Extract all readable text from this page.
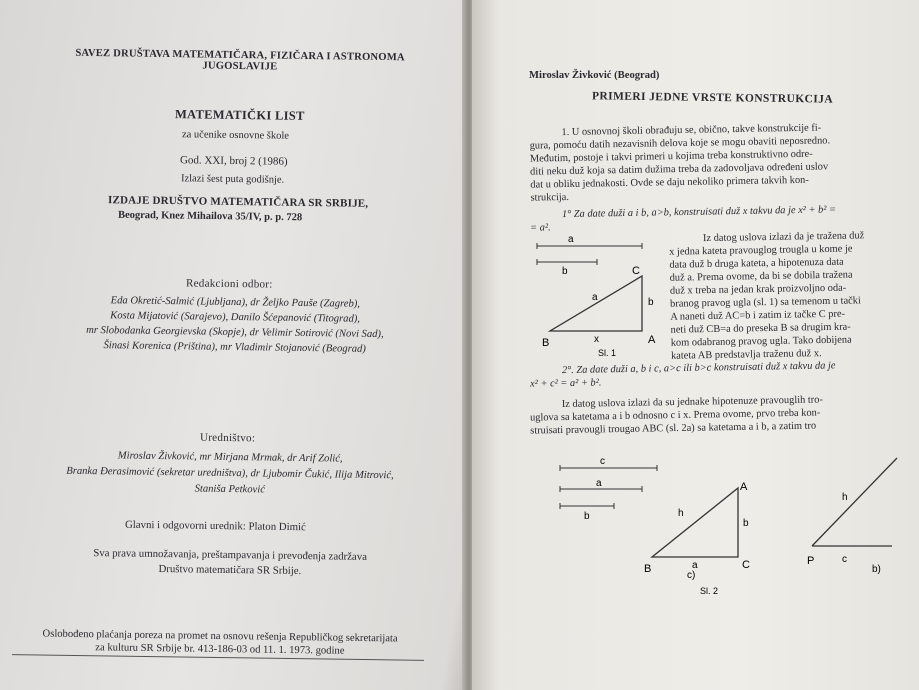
SAVEZ DRUŠTAVA MATEMATIČARA, FIZIČARA I ASTRONOMA
JUGOSLAVIJE
MATEMATIČKI LIST
za učenike osnovne škole
God. XXI, broj 2 (1986)
Izlazi šest puta godišnje.
IZDAJE DRUŠTVO MATEMATIČARA SR SRBIJE,
Beograd, Knez Mihailova 35/IV, p. p. 728
Redakcioni odbor:
Eda Okretić-Salmić (Ljubljana), dr Željko Pauše (Zagreb),
Kosta Mijatović (Sarajevo), Danilo Šćepanović (Titograd),
mr Slobodanka Georgievska (Skopje), dr Velimir Sotirović (Novi Sad),
Šinasi Korenica (Priština), mr Vladimir Stojanović (Beograd)
Uredništvo:
Miroslav Živković, mr Mirjana Mrmak, dr Arif Zolić,
Branka Đerasimović (sekretar uredništva), dr Ljubomir Čukić, Ilija Mitrović,
Staniša Petković
Glavni i odgovorni urednik: Platon Dimić
Sva prava umnožavanja, preštampavanja i prevođenja zadržava
Društvo matematičara SR Srbije.
Oslobođeno plaćanja poreza na promet na osnovu rešenja Republičkog sekretarijata
za kulturu SR Srbije br. 413-186-03 od 11. 1. 1973. godine
Miroslav Živković (Beograd)
PRIMERI JEDNE VRSTE KONSTRUKCIJA
1. U osnovnoj školi obrađuju se, obično, takve konstrukcije fi-
gura, pomoću datih nezavisnih delova koje se mogu obaviti neposredno.
Međutim, postoje i takvi primeri u kojima treba konstruktivno odre-
diti neku duž koja sa datim dužima treba da zadovoljava određeni uslov
dat u obliku jednakosti. Ovde se daju nekoliko primera takvih kon-
strukcija.
1° Za date duži a i b, a>b, konstruisati duž x takvu da je x² + b² =
= a².
Iz datog uslova izlazi da je tražena duž
x jedna kateta pravouglog trougla u kome je
data duž b druga kateta, a hipotenuza data
duž a. Prema ovome, da bi se dobila tražena
duž x treba na jedan krak proizvoljno oda-
branog pravog ugla (sl. 1) sa temenom u tački
A naneti duž AC=b i zatim iz tačke C pre-
neti duž CB=a do preseka B sa drugim kra-
kom odabranog pravog ugla. Tako dobijena
kateta AB predstavlja traženu duž x.
a
b	C
a	b
B	x	A
Sl. 1
2°. Za date duži a, b i c, a>c ili b>c konstruisati duž x takvu da je
x² + c² = a² + b².
Iz datog uslova izlazi da su jednake hipotenuze pravouglih tro-
uglova sa katetama a i b odnosno c i x. Prema ovome, prvo treba kon-
struisati pravougli trougao ABC (sl. 2a) sa katetama a i b, a zatim tro
c
a
b
A
h
b
B	a	C
c)
Sl. 2
h
P	c
b)
